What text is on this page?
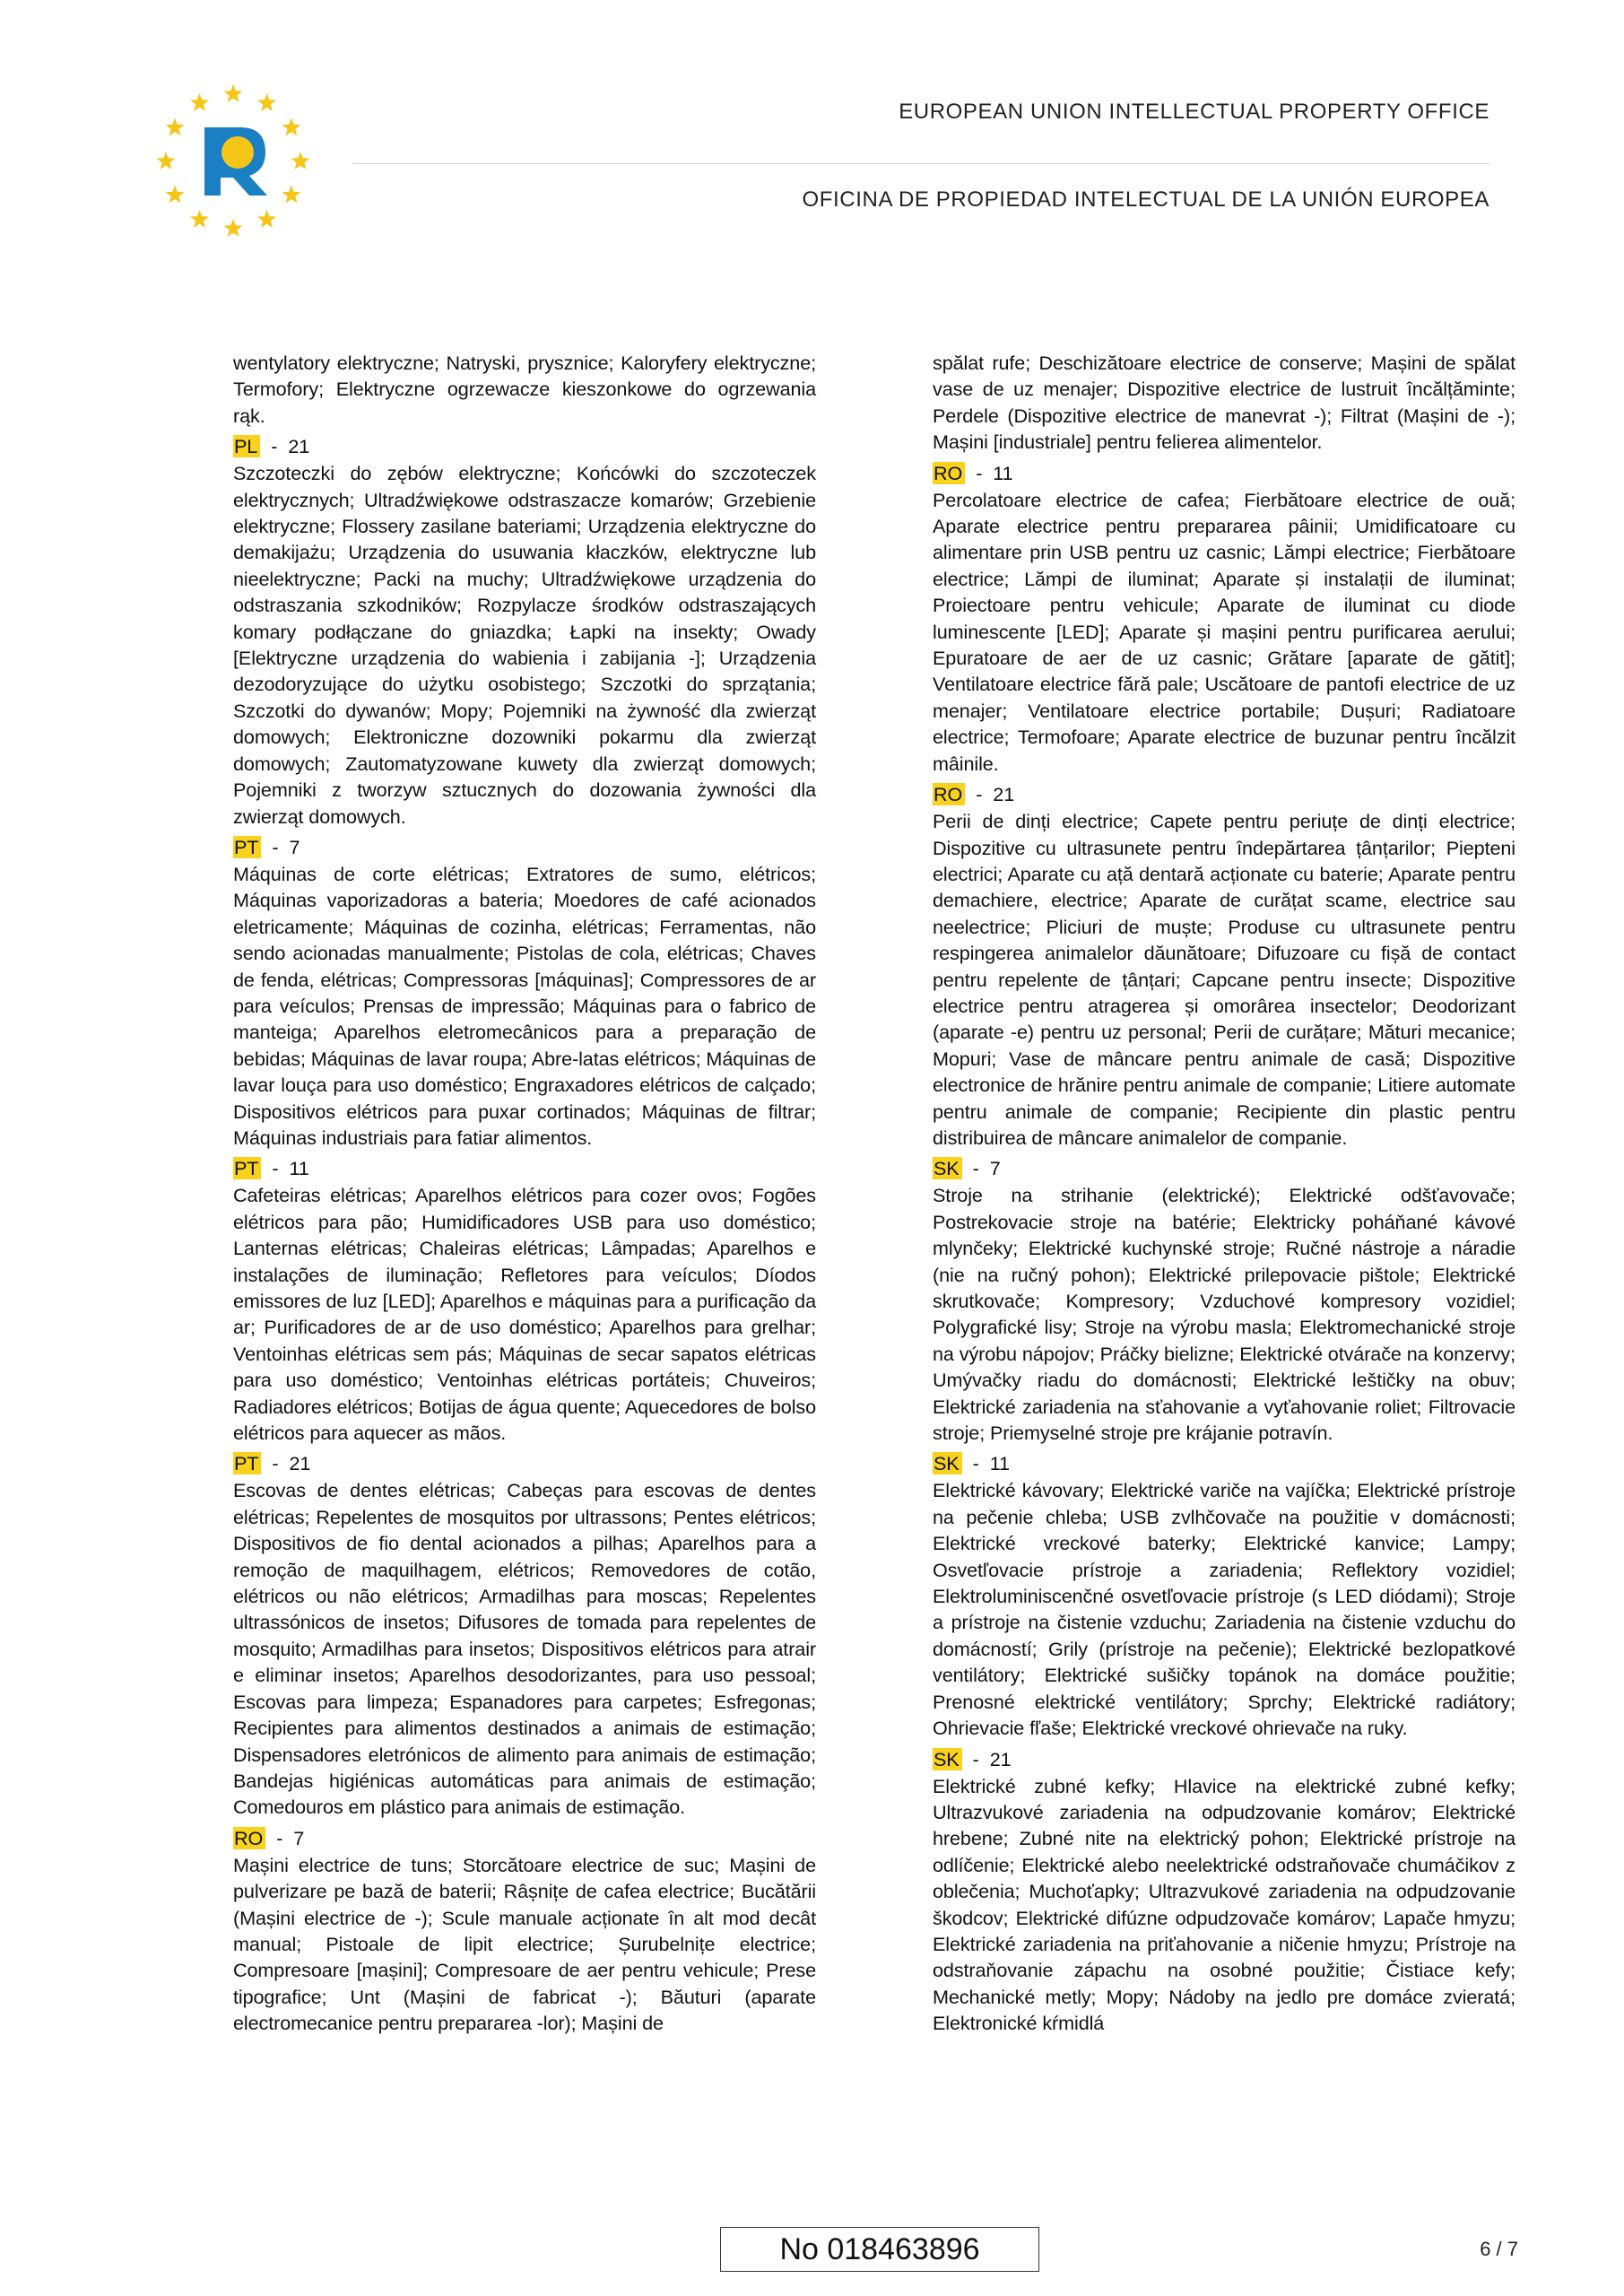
EUROPEAN UNION INTELLECTUAL PROPERTY OFFICE
OFICINA DE PROPIEDAD INTELECTUAL DE LA UNIÓN EUROPEA
wentylatory elektryczne; Natryski, prysznice; Kaloryfery elektryczne; Termofory; Elektryczne ogrzewacze kieszonkowe do ogrzewania rąk.
PL - 21
Szczoteczki do zębów elektryczne; Końcówki do szczoteczek elektrycznych; Ultradźwiękowe odstraszacze komarów; Grzebienie elektryczne; Flossery zasilane bateriami; Urządzenia elektryczne do demakijażu; Urządzenia do usuwania kłaczków, elektryczne lub nieelektryczne; Packi na muchy; Ultradźwiękowe urządzenia do odstraszania szkodników; Rozpylacze środków odstraszających komary podłączane do gniazdka; Łapki na insekty; Owady [Elektryczne urządzenia do wabienia i zabijania -]; Urządzenia dezodoryzujące do użytku osobistego; Szczotki do sprzątania; Szczotki do dywanów; Mopy; Pojemniki na żywność dla zwierząt domowych; Elektroniczne dozowniki pokarmu dla zwierząt domowych; Zautomatyzowane kuwety dla zwierząt domowych; Pojemniki z tworzyw sztucznych do dozowania żywności dla zwierząt domowych.
PT - 7
Máquinas de corte elétricas; Extratores de sumo, elétricos; Máquinas vaporizadoras a bateria; Moedores de café acionados eletricamente; Máquinas de cozinha, elétricas; Ferramentas, não sendo acionadas manualmente; Pistolas de cola, elétricas; Chaves de fenda, elétricas; Compressoras [máquinas]; Compressores de ar para veículos; Prensas de impressão; Máquinas para o fabrico de manteiga; Aparelhos eletromecânicos para a preparação de bebidas; Máquinas de lavar roupa; Abre-latas elétricos; Máquinas de lavar louça para uso doméstico; Engraxadores elétricos de calçado; Dispositivos elétricos para puxar cortinados; Máquinas de filtrar; Máquinas industriais para fatiar alimentos.
PT - 11
Cafeteiras elétricas; Aparelhos elétricos para cozer ovos; Fogões elétricos para pão; Humidificadores USB para uso doméstico; Lanternas elétricas; Chaleiras elétricas; Lâmpadas; Aparelhos e instalações de iluminação; Refletores para veículos; Díodos emissores de luz [LED]; Aparelhos e máquinas para a purificação da ar; Purificadores de ar de uso doméstico; Aparelhos para grelhar; Ventoinhas elétricas sem pás; Máquinas de secar sapatos elétricas para uso doméstico; Ventoinhas elétricas portáteis; Chuveiros; Radiadores elétricos; Botijas de água quente; Aquecedores de bolso elétricos para aquecer as mãos.
PT - 21
Escovas de dentes elétricas; Cabeças para escovas de dentes elétricas; Repelentes de mosquitos por ultrassons; Pentes elétricos; Dispositivos de fio dental acionados a pilhas; Aparelhos para a remoção de maquilhagem, elétricos; Removedores de cotão, elétricos ou não elétricos; Armadilhas para moscas; Repelentes ultrassónicos de insetos; Difusores de tomada para repelentes de mosquito; Armadilhas para insetos; Dispositivos elétricos para atrair e eliminar insetos; Aparelhos desodorizantes, para uso pessoal; Escovas para limpeza; Espanadores para carpetes; Esfregonas; Recipientes para alimentos destinados a animais de estimação; Dispensadores eletrónicos de alimento para animais de estimação; Bandejas higiénicas automáticas para animais de estimação; Comedouros em plástico para animais de estimação.
RO - 7
Mașini electrice de tuns; Storcătoare electrice de suc; Mașini de pulverizare pe bază de baterii; Râșnițe de cafea electrice; Bucătării (Mașini electrice de -); Scule manuale acționate în alt mod decât manual; Pistoale de lipit electrice; Șurubelnițe electrice; Compresoare [mașini]; Compresoare de aer pentru vehicule; Prese tipografice; Unt (Mașini de fabricat -); Băuturi (aparate electromecanice pentru prepararea -lor); Mașini de
spălat rufe; Deschizătoare electrice de conserve; Mașini de spălat vase de uz menajer; Dispozitive electrice de lustruit încălțăminte; Perdele (Dispozitive electrice de manevrat -); Filtrat (Mașini de -); Mașini [industriale] pentru felierea alimentelor.
RO - 11
Percolatoare electrice de cafea; Fierbătoare electrice de ouă; Aparate electrice pentru prepararea pâinii; Umidificatoare cu alimentare prin USB pentru uz casnic; Lămpi electrice; Fierbătoare electrice; Lămpi de iluminat; Aparate și instalații de iluminat; Proiectoare pentru vehicule; Aparate de iluminat cu diode luminescente [LED]; Aparate și mașini pentru purificarea aerului; Epuratoare de aer de uz casnic; Grătare [aparate de gătit]; Ventilatoare electrice fără pale; Uscătoare de pantofi electrice de uz menajer; Ventilatoare electrice portabile; Dușuri; Radiatoare electrice; Termofoare; Aparate electrice de buzunar pentru încălzit mâinile.
RO - 21
Perii de dinți electrice; Capete pentru periuțe de dinți electrice; Dispozitive cu ultrasunete pentru îndepărtarea țânțarilor; Piepteni electrici; Aparate cu ață dentară acționate cu baterie; Aparate pentru demachiere, electrice; Aparate de curățat scame, electrice sau neelectrice; Pliciuri de muște; Produse cu ultrasunete pentru respingerea animalelor dăunătoare; Difuzoare cu fișă de contact pentru repelente de țânțari; Capcane pentru insecte; Dispozitive electrice pentru atragerea și omorârea insectelor; Deodorizant (aparate -e) pentru uz personal; Perii de curățare; Mături mecanice; Mopuri; Vase de mâncare pentru animale de casă; Dispozitive electronice de hrănire pentru animale de companie; Litiere automate pentru animale de companie; Recipiente din plastic pentru distribuirea de mâncare animalelor de companie.
SK - 7
Stroje na strihanie (elektrické); Elektrické odšťavovače; Postrekovacie stroje na batérie; Elektricky poháňané kávové mlynčeky; Elektrické kuchynské stroje; Ručné nástroje a náradie (nie na ručný pohon); Elektrické prilepovacie pištole; Elektrické skrutkovače; Kompresory; Vzduchové kompresory vozidiel; Polygrafické lisy; Stroje na výrobu masla; Elektromechanické stroje na výrobu nápojov; Práčky bielizne; Elektrické otvárače na konzervy; Umývačky riadu do domácnosti; Elektrické leštičky na obuv; Elektrické zariadenia na sťahovanie a vyťahovanie roliet; Filtrovacie stroje; Priemyselné stroje pre krájanie potravín.
SK - 11
Elektrické kávovary; Elektrické variče na vajíčka; Elektrické prístroje na pečenie chleba; USB zvlhčovače na použitie v domácnosti; Elektrické vreckové baterky; Elektrické kanvice; Lampy; Osvetľovacie prístroje a zariadenia; Reflektory vozidiel; Elektroluminiscenčné osvetľovacie prístroje (s LED diódami); Stroje a prístroje na čistenie vzduchu; Zariadenia na čistenie vzduchu do domácností; Grily (prístroje na pečenie); Elektrické bezlopatkové ventilátory; Elektrické sušičky topánok na domáce použitie; Prenosné elektrické ventilátory; Sprchy; Elektrické radiátory; Ohrievacie fľaše; Elektrické vreckové ohrievače na ruky.
SK - 21
Elektrické zubné kefky; Hlavice na elektrické zubné kefky; Ultrazvukové zariadenia na odpudzovanie komárov; Elektrické hrebene; Zubné nite na elektrický pohon; Elektrické prístroje na odlíčenie; Elektrické alebo neelektrické odstraňovače chumáčikov z oblečenia; Muchoťapky; Ultrazvukové zariadenia na odpudzovanie škodcov; Elektrické difúzne odpudzovače komárov; Lapače hmyzu; Elektrické zariadenia na priťahovanie a ničenie hmyzu; Prístroje na odstraňovanie zápachu na osobné použitie; Čistiace kefy; Mechanické metly; Mopy; Nádoby na jedlo pre domáce zvieratá; Elektronické kŕmidlá
No 018463896	6 / 7
